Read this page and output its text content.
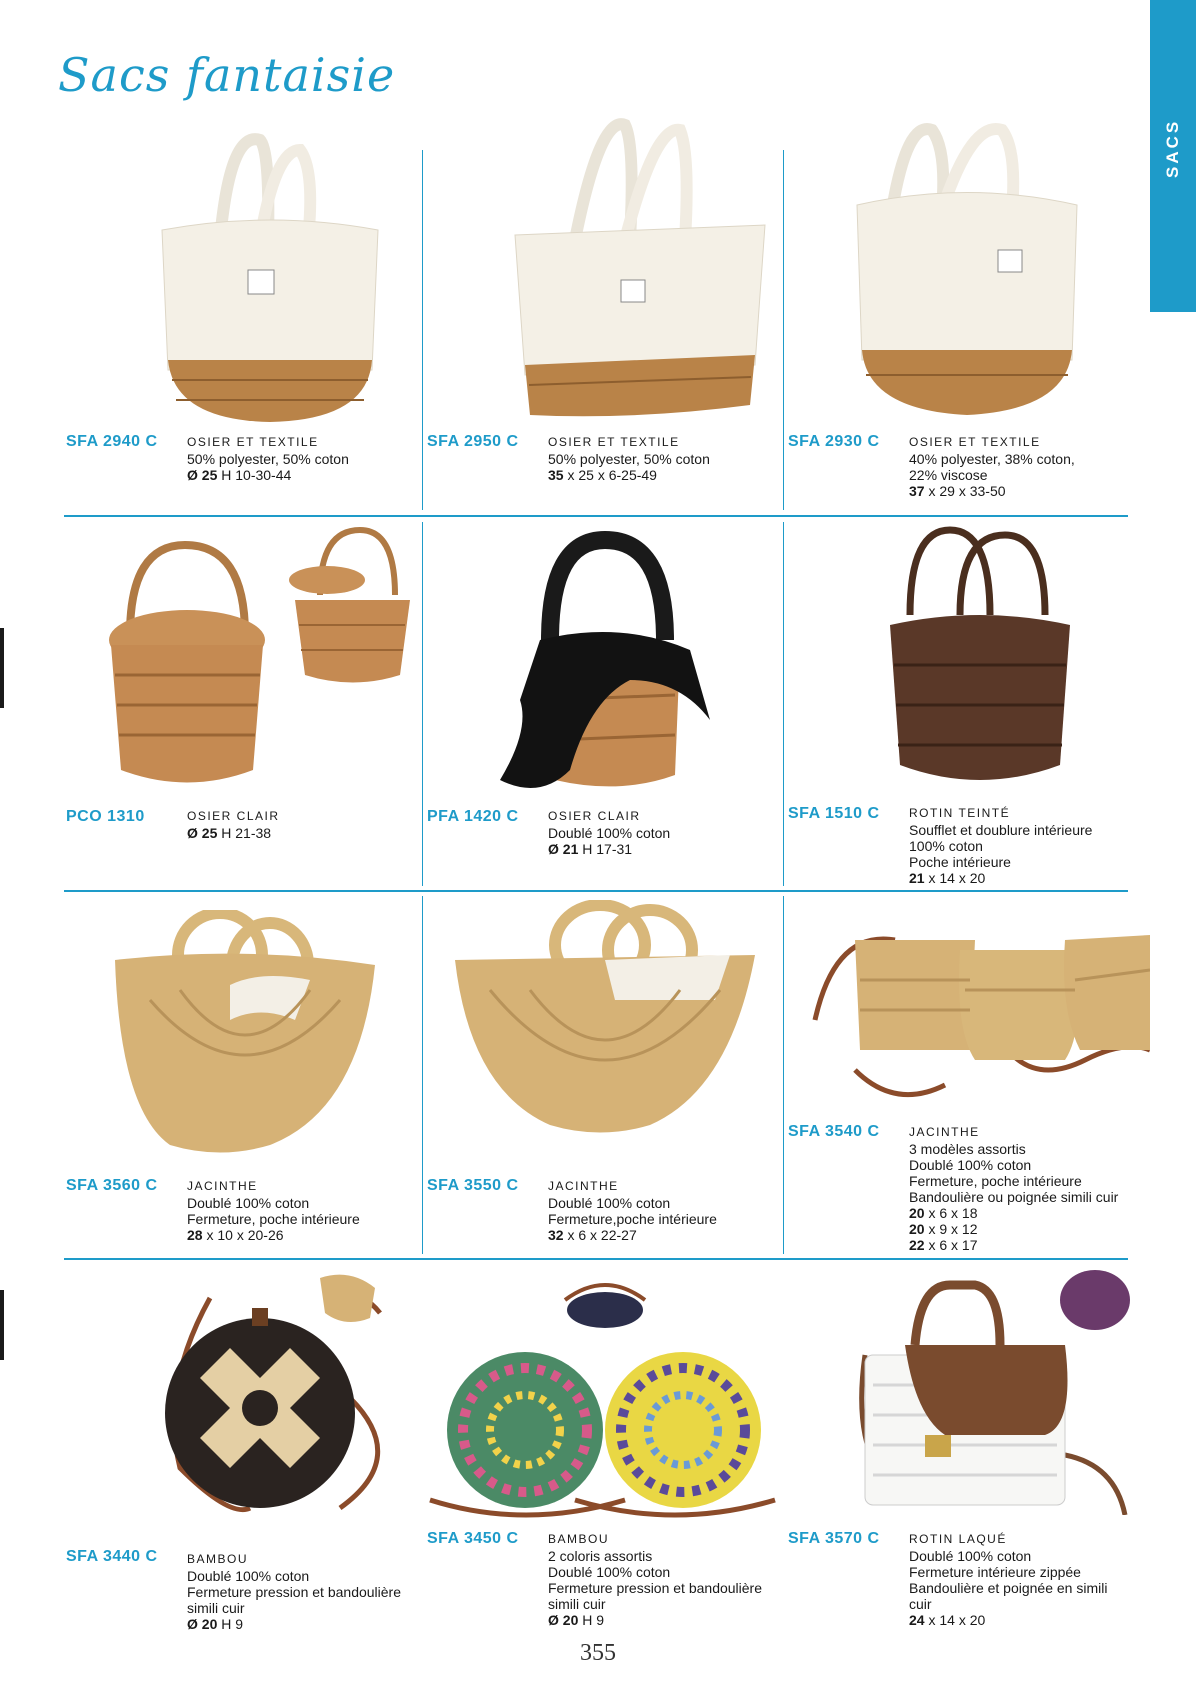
Sacs fantaisie
SACS
SFA 2940 C OSIER ET TEXTILE
50% polyester, 50% coton
Ø 25 H 10-30-44
SFA 2950 C OSIER ET TEXTILE
50% polyester, 50% coton
35 x 25 x 6-25-49
SFA 2930 C OSIER ET TEXTILE
40% polyester, 38% coton,
22% viscose
37 x 29 x 33-50
PCO 1310	OSIER CLAIR
Ø 25 H 21-38
PFA 1420 C OSIER CLAIR
Doublé 100% coton
Ø 21 H 17-31
SFA 1510 C ROTIN TEINTÉ
Soufflet et doublure intérieure
100% coton
Poche intérieure
21 x 14 x 20
SFA 3560 C JACINTHE
Doublé 100% coton
Fermeture, poche intérieure
28 x 10 x 20-26
SFA 3550 C JACINTHE
Doublé 100% coton
Fermeture,poche intérieure
32 x 6 x 22-27
SFA 3540 C JACINTHE
3 modèles assortis
Doublé 100% coton
Fermeture, poche intérieure
Bandoulière ou poignée simili cuir
20 x 6 x 18
20 x 9 x 12
22 x 6 x 17
SFA 3440 C BAMBOU
Doublé 100% coton
Fermeture pression et bandoulière
simili cuir
Ø 20 H 9
SFA 3450 C BAMBOU
2 coloris assortis
Doublé 100% coton
Fermeture pression et bandoulière
simili cuir
Ø 20 H 9
SFA 3570 C ROTIN LAQUÉ
Doublé 100% coton
Fermeture intérieure zippée
Bandoulière et poignée en simili
cuir
24 x 14 x 20
355
